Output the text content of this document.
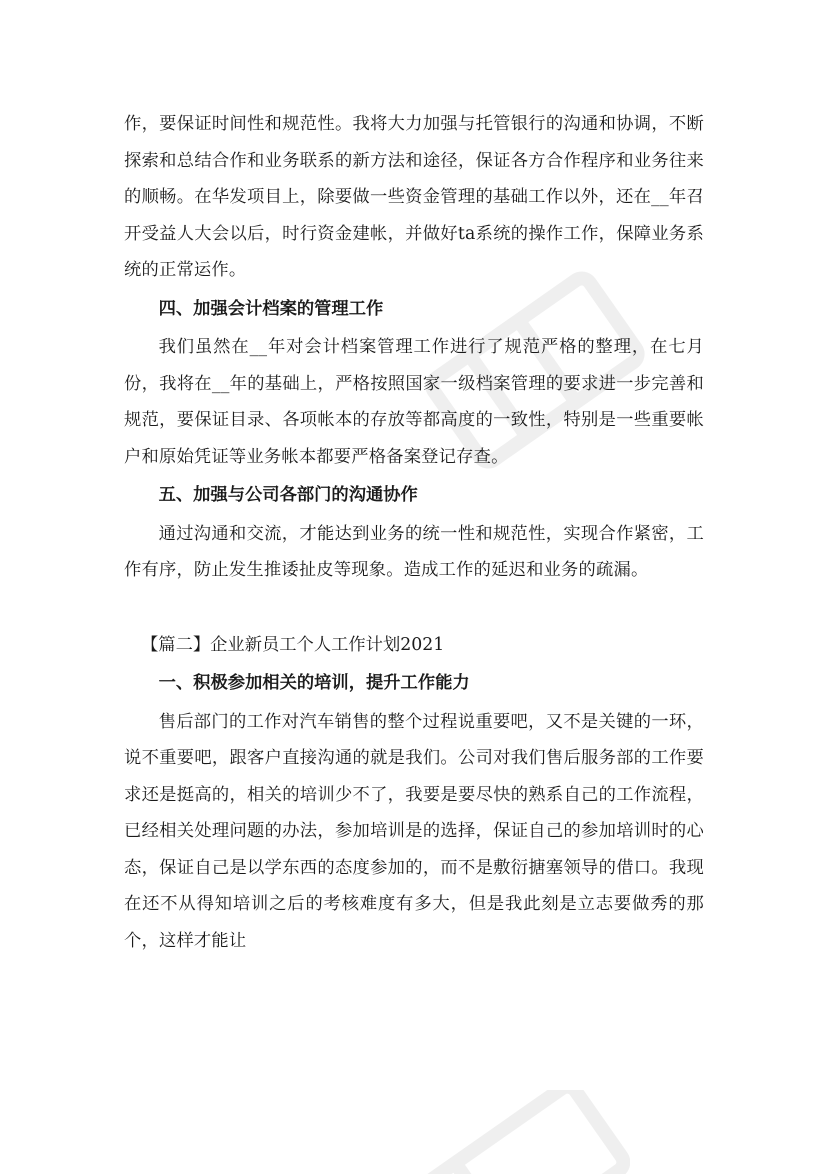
作，要保证时间性和规范性。我将大力加强与托管银行的沟通和协调，不断探索和总结合作和业务联系的新方法和途径，保证各方合作程序和业务往来的顺畅。在华发项目上，除要做一些资金管理的基础工作以外，还在__年召开受益人大会以后，时行资金建帐，并做好ta系统的操作工作，保障业务系统的正常运作。

四、加强会计档案的管理工作

我们虽然在__年对会计档案管理工作进行了规范严格的整理，在七月份，我将在__年的基础上，严格按照国家一级档案管理的要求进一步完善和规范，要保证目录、各项帐本的存放等都高度的一致性，特别是一些重要帐户和原始凭证等业务帐本都要严格备案登记存查。

五、加强与公司各部门的沟通协作

通过沟通和交流，才能达到业务的统一性和规范性，实现合作紧密，工作有序，防止发生推诿扯皮等现象。造成工作的延迟和业务的疏漏。

【篇二】企业新员工个人工作计划2021

一、积极参加相关的培训，提升工作能力

售后部门的工作对汽车销售的整个过程说重要吧，又不是关键的一环，说不重要吧，跟客户直接沟通的就是我们。公司对我们售后服务部的工作要求还是挺高的，相关的培训少不了，我要是要尽快的熟系自己的工作流程，已经相关处理问题的办法，参加培训是的选择，保证自己的参加培训时的心态，保证自己是以学东西的态度参加的，而不是敷衍搪塞领导的借口。我现在还不从得知培训之后的考核难度有多大，但是我此刻是立志要做秀的那个，这样才能让
